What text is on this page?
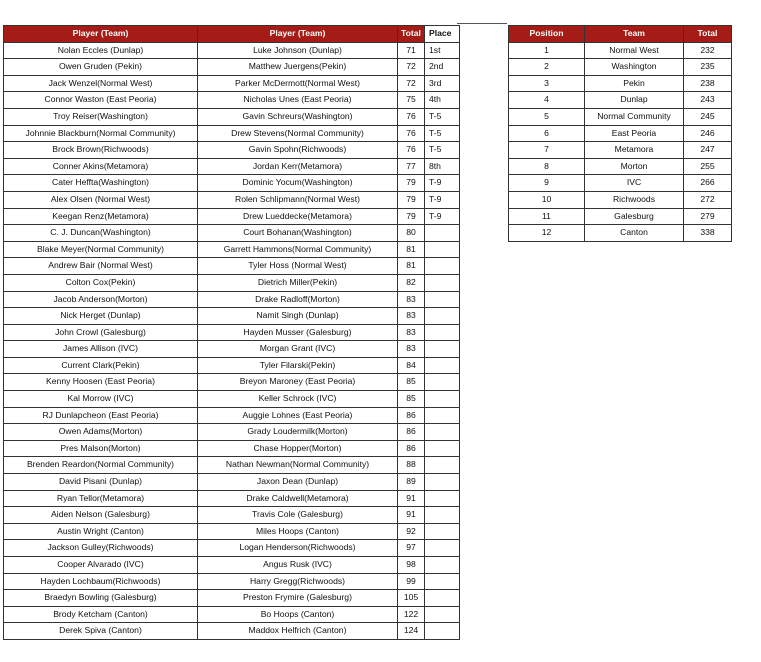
Player (Team)	Player (Team)	Total	Place
Nolan Eccles (Dunlap)	Luke Johnson (Dunlap)	71	1st
Owen Gruden (Pekin)	Matthew Juergens(Pekin)	72	2nd
Jack Wenzel(Normal West)	Parker McDermott(Normal West)	72	3rd
Connor Waston (East Peoria)	Nicholas Unes (East Peoria)	75	4th
Troy Reiser(Washington)	Gavin Schreurs(Washington)	76	T-5
Johnnie Blackburn(Normal Community)	Drew Stevens(Normal Community)	76	T-5
Brock Brown(Richwoods)	Gavin Spohn(Richwoods)	76	T-5
Conner Akins(Metamora)	Jordan Kerr(Metamora)	77	8th
Cater Heffta(Washington)	Dominic Yocum(Washington)	79	T-9
Alex Olsen (Normal West)	Rolen Schlipmann(Normal West)	79	T-9
Keegan Renz(Metamora)	Drew Lueddecke(Metamora)	79	T-9
C. J. Duncan(Washington)	Court Bohanan(Washington)	80	
Blake Meyer(Normal Community)	Garrett Hammons(Normal Community)	81	
Andrew Bair (Normal West)	Tyler Hoss (Normal West)	81	
Colton Cox(Pekin)	Dietrich Miller(Pekin)	82	
Jacob Anderson(Morton)	Drake Radloff(Morton)	83	
Nick Herget (Dunlap)	Namit Singh (Dunlap)	83	
John Crowl (Galesburg)	Hayden Musser (Galesburg)	83	
James Allison (IVC)	Morgan Grant (IVC)	83	
Current Clark(Pekin)	Tyler Filarski(Pekin)	84	
Kenny Hoosen (East Peoria)	Breyon Maroney (East Peoria)	85	
Kal Morrow (IVC)	Keller Schrock (IVC)	85	
RJ Dunlapcheon (East Peoria)	Auggie Lohnes (East Peoria)	86	
Owen Adams(Morton)	Grady Loudermilk(Morton)	86	
Pres Malson(Morton)	Chase Hopper(Morton)	86	
Brenden Reardon(Normal Community)	Nathan Newman(Normal Community)	88	
David Pisani (Dunlap)	Jaxon Dean (Dunlap)	89	
Ryan Tellor(Metamora)	Drake Caldwell(Metamora)	91	
Aiden Nelson (Galesburg)	Travis Cole (Galesburg)	91	
Austin Wright (Canton)	Miles Hoops (Canton)	92	
Jackson Gulley(Richwoods)	Logan Henderson(Richwoods)	97	
Cooper Alvarado (IVC)	Angus Rusk (IVC)	98	
Hayden Lochbaum(Richwoods)	Harry Gregg(Richwoods)	99	
Braedyn Bowling (Galesburg)	Preston Frymire (Galesburg)	105	
Brody Ketcham (Canton)	Bo Hoops (Canton)	122	
Derek Spiva (Canton)	Maddox Helfrich (Canton)	124	
Position	Team	Total
1	Normal West	232
2	Washington	235
3	Pekin	238
4	Dunlap	243
5	Normal Community	245
6	East Peoria	246
7	Metamora	247
8	Morton	255
9	IVC	266
10	Richwoods	272
11	Galesburg	279
12	Canton	338
